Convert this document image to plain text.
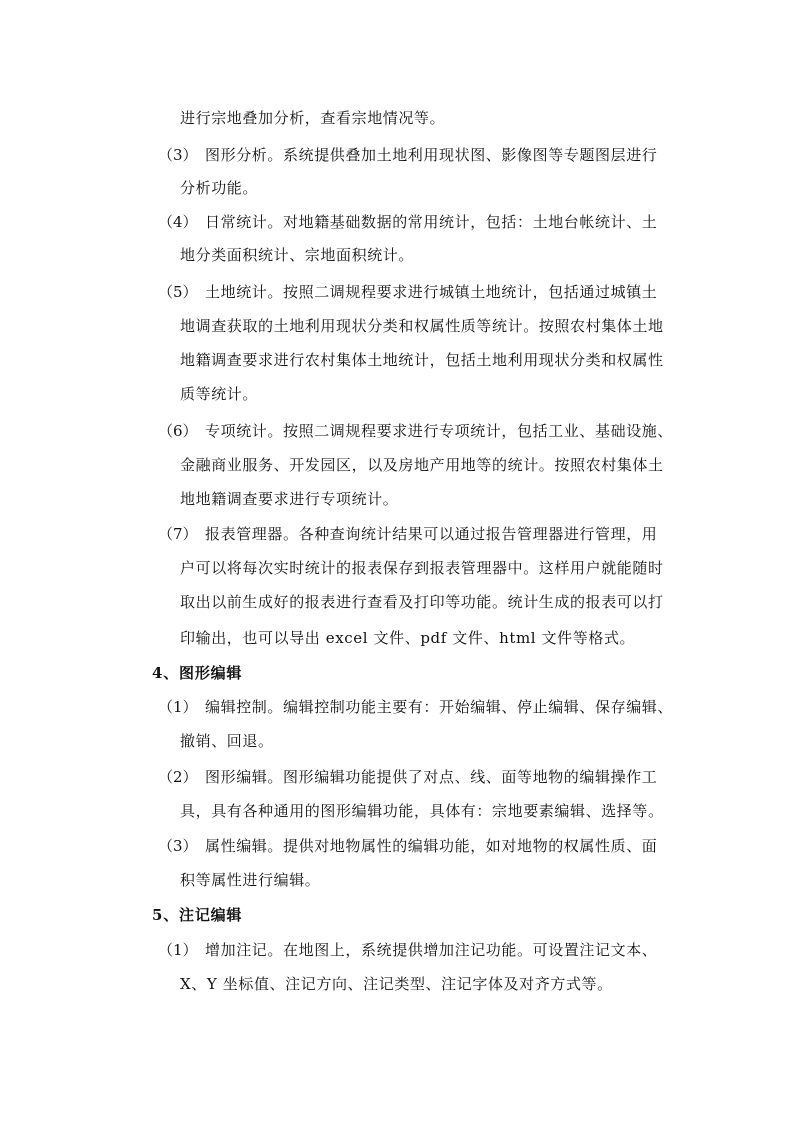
进行宗地叠加分析，查看宗地情况等。
（3） 图形分析。系统提供叠加土地利用现状图、影像图等专题图层进行
分析功能。
（4） 日常统计。对地籍基础数据的常用统计，包括：土地台帐统计、土
地分类面积统计、宗地面积统计。
（5） 土地统计。按照二调规程要求进行城镇土地统计，包括通过城镇土
地调查获取的土地利用现状分类和权属性质等统计。按照农村集体土地
地籍调查要求进行农村集体土地统计，包括土地利用现状分类和权属性
质等统计。
（6） 专项统计。按照二调规程要求进行专项统计，包括工业、基础设施、
金融商业服务、开发园区，以及房地产用地等的统计。按照农村集体土
地地籍调查要求进行专项统计。
（7） 报表管理器。各种查询统计结果可以通过报告管理器进行管理，用
户可以将每次实时统计的报表保存到报表管理器中。这样用户就能随时
取出以前生成好的报表进行查看及打印等功能。统计生成的报表可以打
印输出，也可以导出 excel 文件、pdf 文件、html 文件等格式。
4、图形编辑
（1） 编辑控制。编辑控制功能主要有：开始编辑、停止编辑、保存编辑、
撤销、回退。
（2） 图形编辑。图形编辑功能提供了对点、线、面等地物的编辑操作工
具，具有各种通用的图形编辑功能，具体有：宗地要素编辑、选择等。
（3） 属性编辑。提供对地物属性的编辑功能，如对地物的权属性质、面
积等属性进行编辑。
5、注记编辑
（1） 增加注记。在地图上，系统提供增加注记功能。可设置注记文本、
X、Y 坐标值、注记方向、注记类型、注记字体及对齐方式等。
